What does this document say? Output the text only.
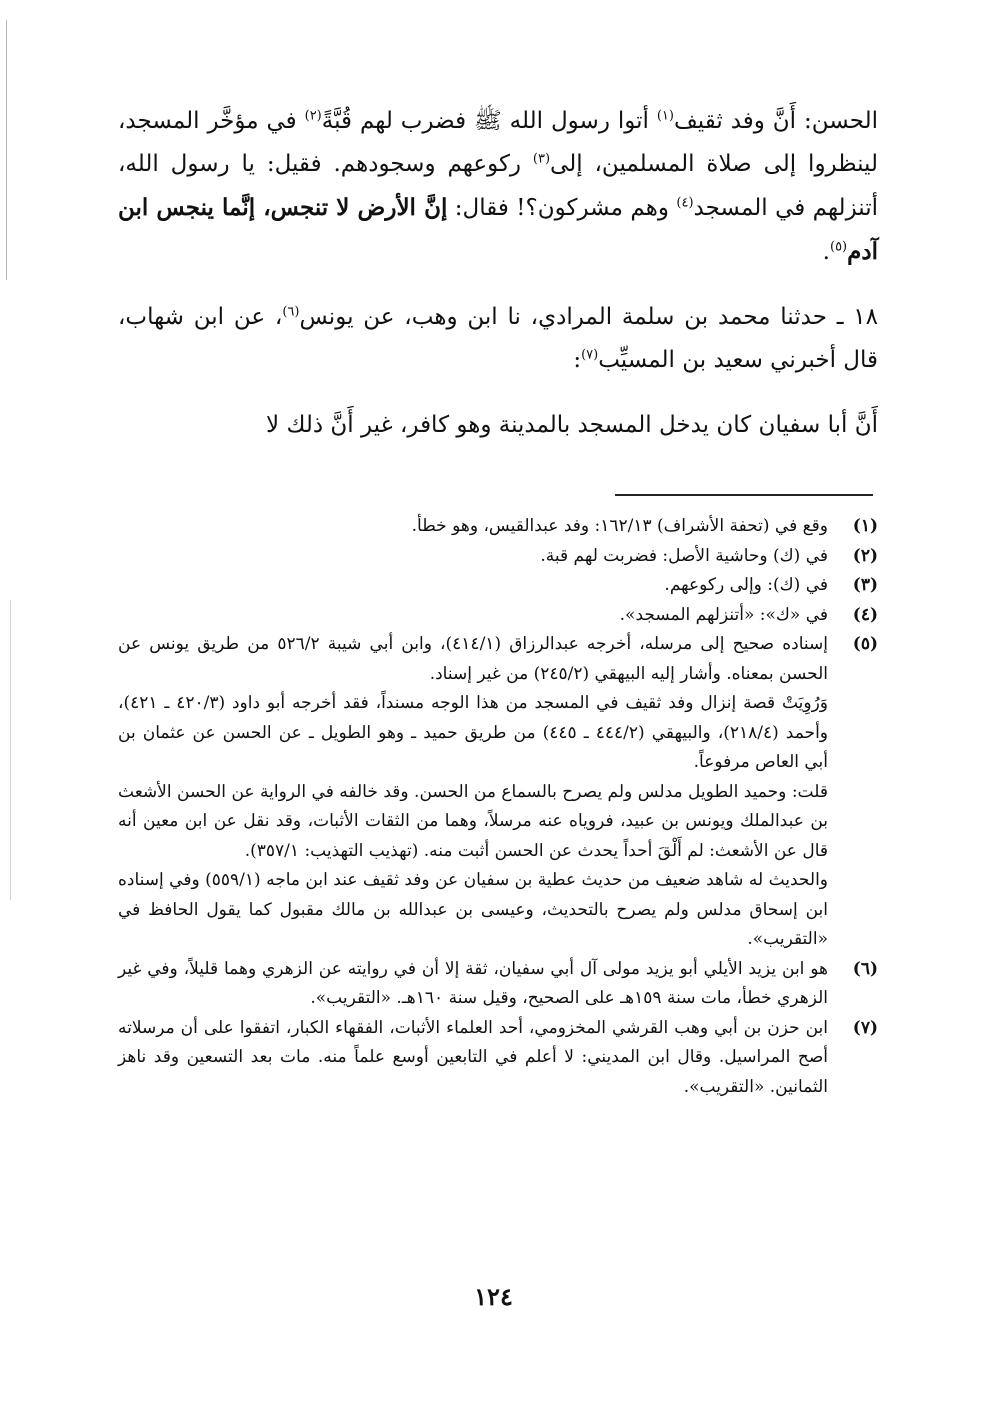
الحسن: أَنَّ وفد ثقيف$^{(١)}$ أتوا رسول الله ﷺ فضرب لهم قُبَّةً$^{(٢)}$ في مؤخَّر المسجد، لينظروا إلى صلاة المسلمين، إلى$^{(٣)}$ ركوعهم وسجودهم. فقيل: يا رسول الله، أتنزلهم في المسجد$^{(٤)}$ وهم مشركون؟! فقال: إنَّ الأرض لا تنجس، إنَّما ينجس ابن آدم$^{(٥)}$.

١٨ ـ حدثنا محمد بن سلمة المرادي، نا ابن وهب، عن يونس$^{(٦)}$، عن ابن شهاب، قال أخبرني سعيد بن المسيِّب$^{(٧)}$:

أَنَّ أبا سفيان كان يدخل المسجد بالمدينة وهو كافر، غير أَنَّ ذلك لا

(١)

وقع في (تحفة الأشراف) ١٦٢/١٣: وفد عبدالقيس، وهو خطأ.

(٢)

في (ك) وحاشية الأصل: فضربت لهم قبة.

(٣)

في (ك): وإلى ركوعهم.

(٤)

في «ك»: «أتنزلهم المسجد».

(٥)

إسناده صحيح إلى مرسله، أخرجه عبدالرزاق (٤١٤/١)، وابن أبي شيبة ٥٢٦/٢ من طريق يونس عن الحسن بمعناه. وأشار إليه البيهقي (٢٤٥/٢) من غير إسناد.

وَرُوِيَتْ قصة إنزال وفد ثقيف في المسجد من هذا الوجه مسنداً، فقد أخرجه أبو داود (٤٢٠/٣ ـ ٤٢١)، وأحمد (٢١٨/٤)، والبيهقي (٤٤٤/٢ ـ ٤٤٥) من طريق حميد ـ وهو الطويل ـ عن الحسن عن عثمان بن أبي العاص مرفوعاً.

قلت: وحميد الطويل مدلس ولم يصرح بالسماع من الحسن. وقد خالفه في الرواية عن الحسن الأشعث بن عبدالملك ويونس بن عبيد، فروياه عنه مرسلاً، وهما من الثقات الأثبات، وقد نقل عن ابن معين أنه قال عن الأشعث: لم أَلْقَ أحداً يحدث عن الحسن أثبت منه. (تهذيب التهذيب: ٣٥٧/١).

والحديث له شاهد ضعيف من حديث عطية بن سفيان عن وفد ثقيف عند ابن ماجه (٥٥٩/١) وفي إسناده ابن إسحاق مدلس ولم يصرح بالتحديث، وعيسى بن عبدالله بن مالك مقبول كما يقول الحافظ في «التقريب».

(٦)

هو ابن يزيد الأيلي أبو يزيد مولى آل أبي سفيان، ثقة إلا أن في روايته عن الزهري وهما قليلاً، وفي غير الزهري خطأ، مات سنة ١٥٩هـ على الصحيح، وقيل سنة ١٦٠هـ. «التقريب».

(٧)

ابن حزن بن أبي وهب القرشي المخزومي، أحد العلماء الأثبات، الفقهاء الكبار، اتفقوا على أن مرسلاته أصح المراسيل. وقال ابن المديني: لا أعلم في التابعين أوسع علماً منه. مات بعد التسعين وقد ناهز الثمانين. «التقريب».

١٢٤
